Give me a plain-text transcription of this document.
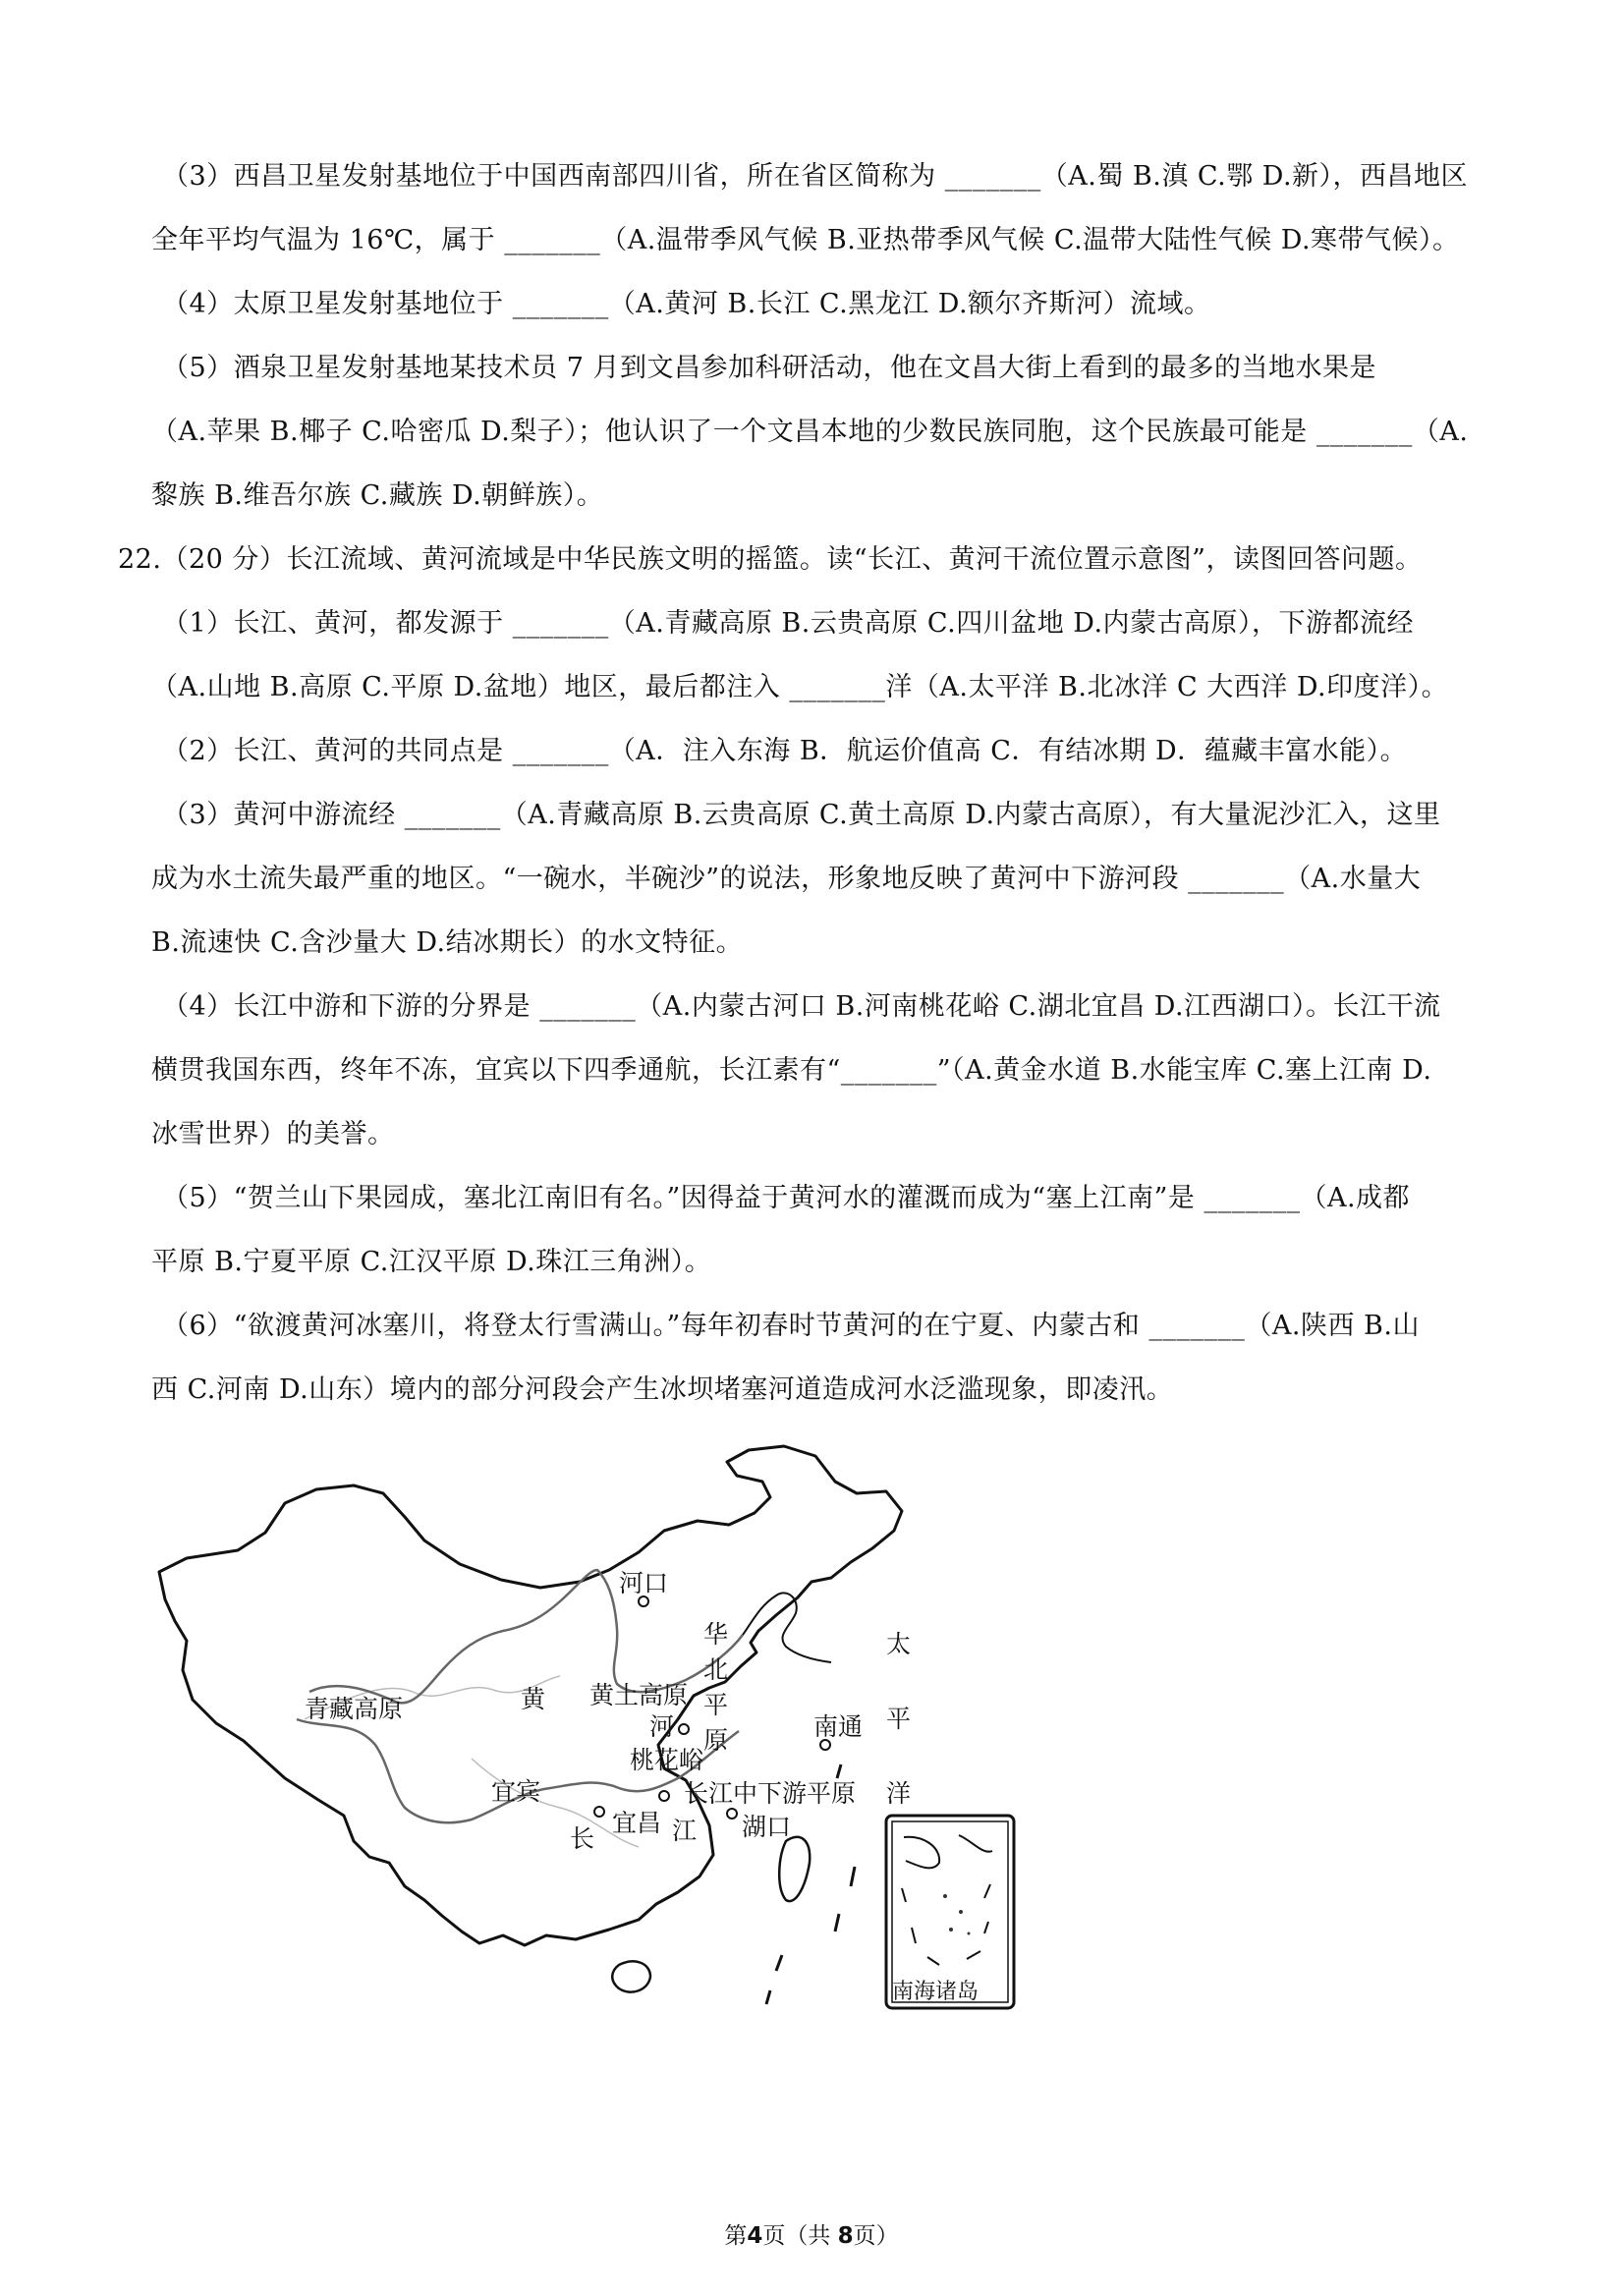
（3）西昌卫星发射基地位于中国西南部四川省，所在省区简称为 _______（A.蜀 B.滇 C.鄂 D.新），西昌地区
全年平均气温为 16℃，属于 _______（A.温带季风气候 B.亚热带季风气候 C.温带大陆性气候 D.寒带气候）。
（4）太原卫星发射基地位于 _______（A.黄河 B.长江 C.黑龙江 D.额尔齐斯河）流域。
（5）酒泉卫星发射基地某技术员 7 月到文昌参加科研活动，他在文昌大街上看到的最多的当地水果是
（A.苹果 B.椰子 C.哈密瓜 D.梨子）；他认识了一个文昌本地的少数民族同胞，这个民族最可能是 _______（A.
黎族 B.维吾尔族 C.藏族 D.朝鲜族）。
22.（20 分）长江流域、黄河流域是中华民族文明的摇篮。读“长江、黄河干流位置示意图”，读图回答问题。
（1）长江、黄河，都发源于 _______（A.青藏高原 B.云贵高原 C.四川盆地 D.内蒙古高原），下游都流经
（A.山地 B.高原 C.平原 D.盆地）地区，最后都注入 _______洋（A.太平洋 B.北冰洋 C 大西洋 D.印度洋）。
（2）长江、黄河的共同点是 _______（A．注入东海 B．航运价值高 C．有结冰期 D．蕴藏丰富水能）。
（3）黄河中游流经 _______（A.青藏高原 B.云贵高原 C.黄土高原 D.内蒙古高原），有大量泥沙汇入，这里
成为水土流失最严重的地区。“一碗水，半碗沙”的说法，形象地反映了黄河中下游河段 _______（A.水量大
B.流速快 C.含沙量大 D.结冰期长）的水文特征。
（4）长江中游和下游的分界是 _______（A.内蒙古河口 B.河南桃花峪 C.湖北宜昌 D.江西湖口）。长江干流
横贯我国东西，终年不冻，宜宾以下四季通航，长江素有“_______”（A.黄金水道 B.水能宝库 C.塞上江南 D.
冰雪世界）的美誉。
（5）“贺兰山下果园成，塞北江南旧有名。”因得益于黄河水的灌溉而成为“塞上江南”是 _______（A.成都
平原 B.宁夏平原 C.江汉平原 D.珠江三角洲）。
（6）“欲渡黄河冰塞川，将登太行雪满山。”每年初春时节黄河的在宁夏、内蒙古和 _______（A.陕西 B.山
西 C.河南 D.山东）境内的部分河段会产生冰坝堵塞河道造成河水泛滥现象，即凌汛。
青藏高原	黄 黄土高原
河
河口
华
北
平
原
桃花峪
宜宾
宜昌
长	江
长江中下游平原
湖口
南通
太
平
洋
南海诸岛
第4页（共 8页）
